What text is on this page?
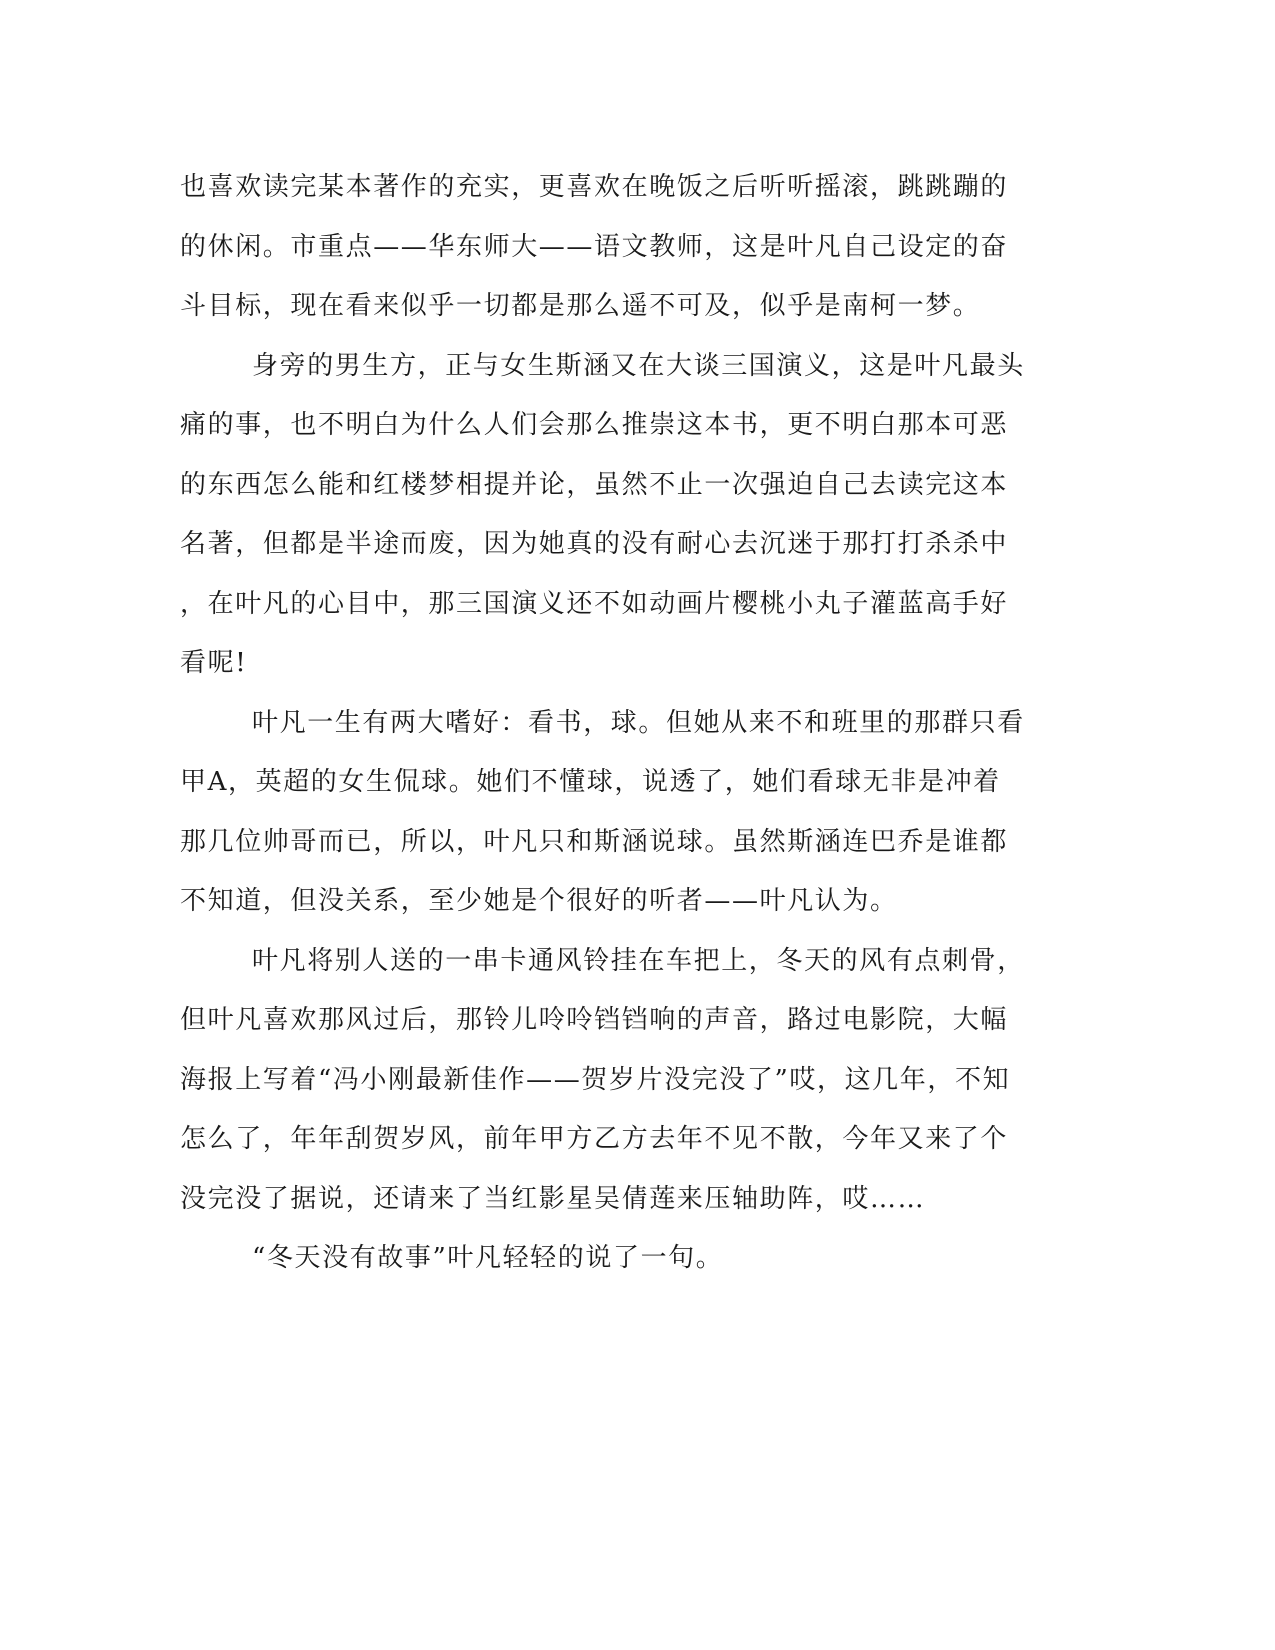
也喜欢读完某本著作的充实，更喜欢在晚饭之后听听摇滚，跳跳蹦的
的休闲。市重点——华东师大——语文教师，这是叶凡自己设定的奋
斗目标，现在看来似乎一切都是那么遥不可及，似乎是南柯一梦。
身旁的男生方，正与女生斯涵又在大谈三国演义，这是叶凡最头
痛的事，也不明白为什么人们会那么推崇这本书，更不明白那本可恶
的东西怎么能和红楼梦相提并论，虽然不止一次强迫自己去读完这本
名著，但都是半途而废，因为她真的没有耐心去沉迷于那打打杀杀中
，在叶凡的心目中，那三国演义还不如动画片樱桃小丸子灌蓝高手好
看呢!
叶凡一生有两大嗜好：看书，球。但她从来不和班里的那群只看
甲A，英超的女生侃球。她们不懂球，说透了，她们看球无非是冲着
那几位帅哥而已，所以，叶凡只和斯涵说球。虽然斯涵连巴乔是谁都
不知道，但没关系，至少她是个很好的听者——叶凡认为。
叶凡将别人送的一串卡通风铃挂在车把上，冬天的风有点刺骨，
但叶凡喜欢那风过后，那铃儿呤呤铛铛响的声音，路过电影院，大幅
海报上写着“冯小刚最新佳作——贺岁片没完没了”哎，这几年，不知
怎么了，年年刮贺岁风，前年甲方乙方去年不见不散，今年又来了个
没完没了据说，还请来了当红影星吴倩莲来压轴助阵，哎……
“冬天没有故事”叶凡轻轻的说了一句。
